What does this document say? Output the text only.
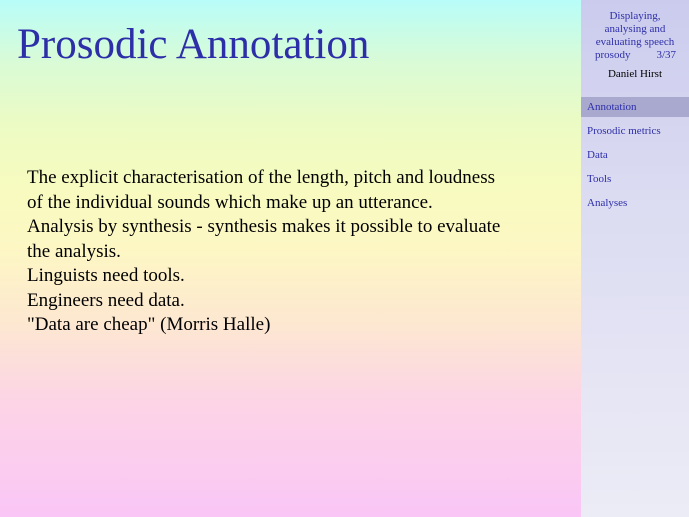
Prosodic Annotation
The explicit characterisation of the length, pitch and loudness
of the individual sounds which make up an utterance.
Analysis by synthesis - synthesis makes it possible to evaluate
the analysis.
Linguists need tools.
Engineers need data.
"Data are cheap" (Morris Halle)
Displaying,
analysing and
evaluating speech
prosody 3/37
Daniel Hirst
Annotation
Prosodic metrics
Data
Tools
Analyses
